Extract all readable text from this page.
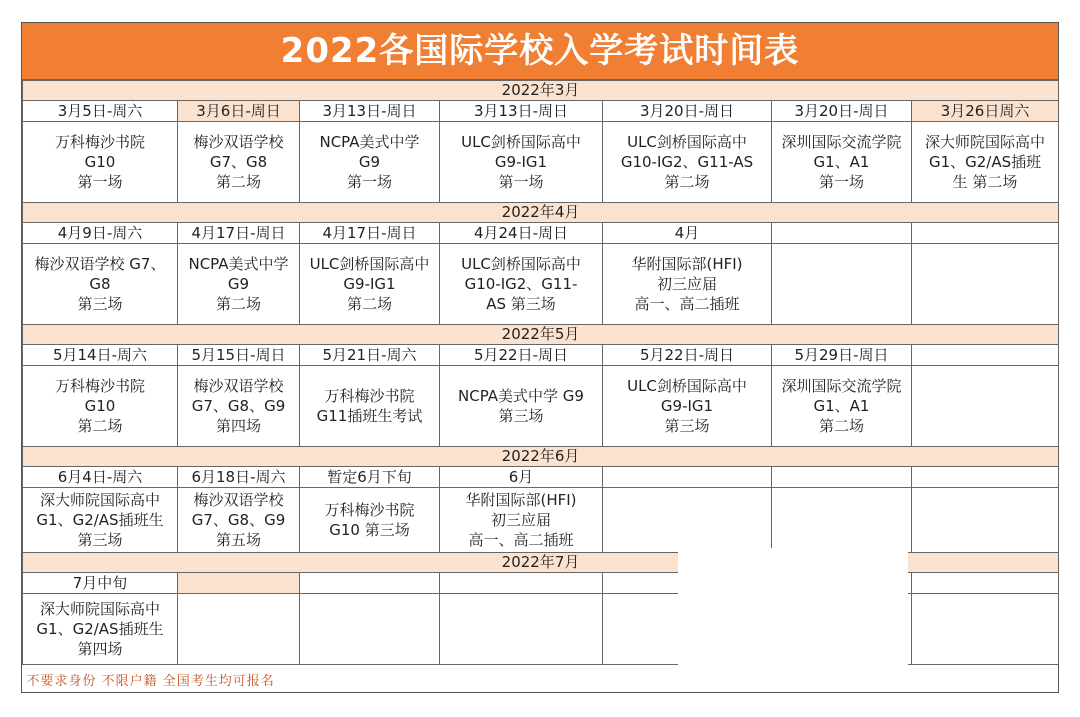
2022各国际学校入学考试时间表
2022年3月						
3月5日-周六	3月6日-周日	3月13日-周日	3月13日-周日	3月20日-周日	3月20日-周日	3月26日周六

万科梅沙书院
G10
第一场	梅沙双语学校
G7、G8
第二场	NCPA美式中学
G9
第一场	ULC剑桥国际高中
G9-IG1
第一场	ULC剑桥国际高中
G10-IG2、G11-AS
第二场	深圳国际交流学院
G1、A1
第一场	深大师院国际高中
G1、G2/AS插班
生 第二场

2022年4月						
4月9日-周六	4月17日-周日	4月17日-周日	4月24日-周日	4月		

梅沙双语学校 G7、
G8
第三场	NCPA美式中学
G9
第二场	ULC剑桥国际高中
G9-IG1
第二场	ULC剑桥国际高中
G10-IG2、G11-
AS 第三场	华附国际部(HFI)
初三应届
高一、高二插班		

2022年5月						
5月14日-周六	5月15日-周日	5月21日-周六	5月22日-周日	5月22日-周日	5月29日-周日	

万科梅沙书院
G10
第二场	梅沙双语学校
G7、G8、G9
第四场	万科梅沙书院
G11插班生考试	NCPA美式中学 G9
第三场	ULC剑桥国际高中
G9-IG1
第三场	深圳国际交流学院
G1、A1
第二场	

2022年6月						
6月4日-周六	6月18日-周六	暂定6月下旬	6月			

深大师院国际高中
G1、G2/AS插班生
第三场	梅沙双语学校
G7、G8、G9
第五场	万科梅沙书院
G10 第三场	华附国际部(HFI)
初三应届
高一、高二插班			

2022年7月						
7月中旬						

深大师院国际高中
G1、G2/AS插班生
第四场						

不要求身份 不限户籍 全国考生均可报名						
